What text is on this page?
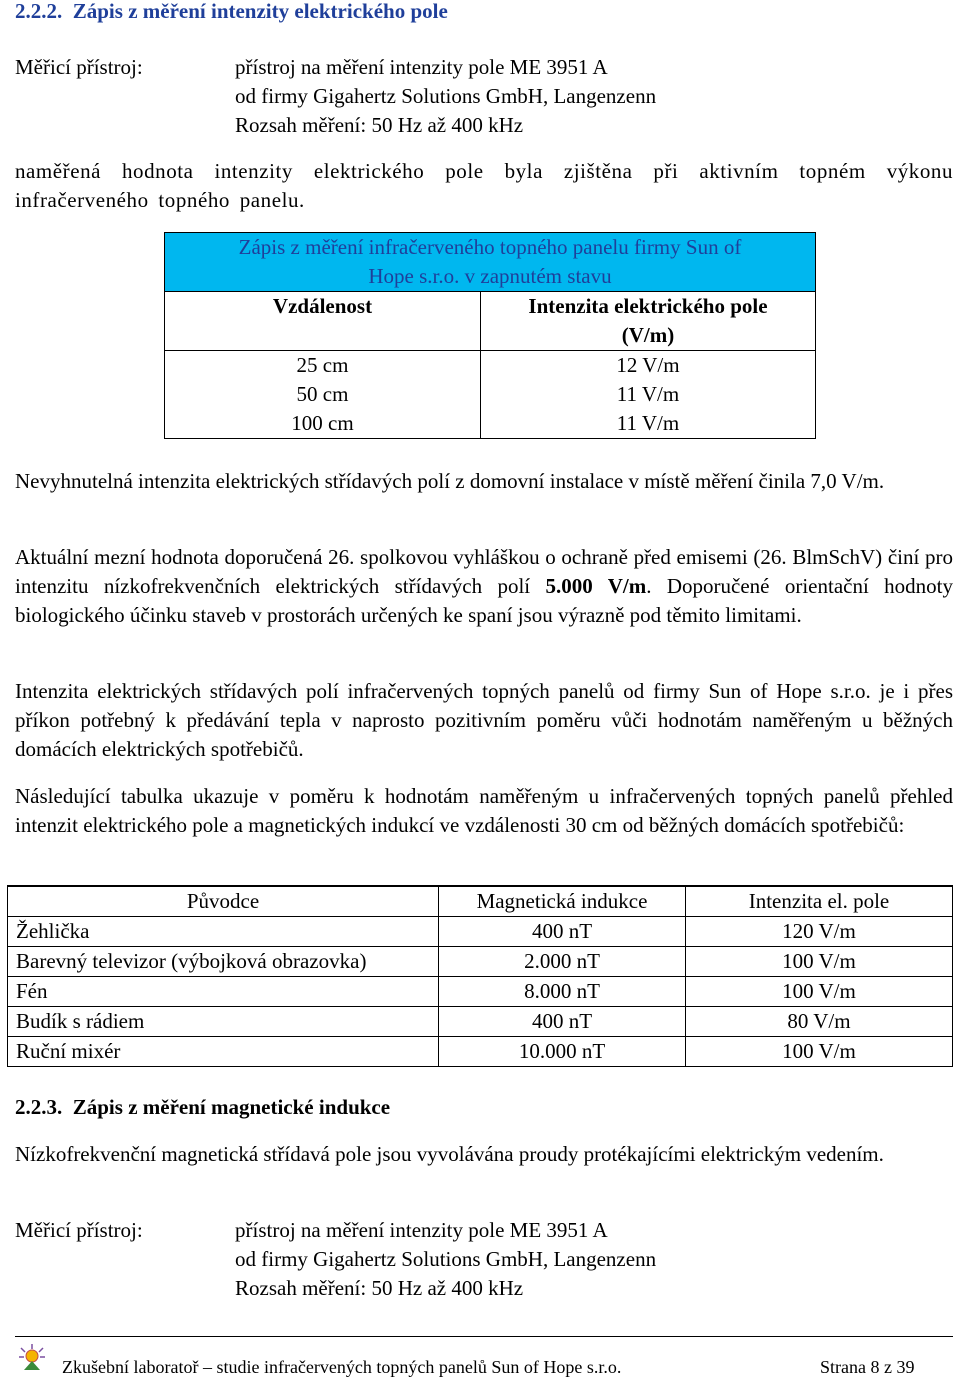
2.2.2. Zápis z měření intenzity elektrického pole
Měřicí přístroj:	přístroj na měření intenzity pole ME 3951 A
od firmy Gigahertz Solutions GmbH, Langenzenn
Rozsah měření: 50 Hz až 400 kHz
naměřená hodnota intenzity elektrického pole byla zjištěna při aktivním topném výkonu infračerveného topného panelu.
Zápis z měření infračerveného topného panelu firmy Sun of
Hope s.r.o. v zapnutém stavu	
Vzdálenost	Intenzita elektrického pole
(V/m)
25 cm	12 V/m
50 cm	11 V/m
100 cm	11 V/m
Nevyhnutelná intenzita elektrických střídavých polí z domovní instalace v místě měření činila 7,0 V/m.
Aktuální mezní hodnota doporučená 26. spolkovou vyhláškou o ochraně před emisemi (26. BlmSchV) činí pro intenzitu nízkofrekvenčních elektrických střídavých polí 5.000 V/m. Doporučené orientační hodnoty biologického účinku staveb v prostorách určených ke spaní jsou výrazně pod těmito limitami.
Intenzita elektrických střídavých polí infračervených topných panelů od firmy Sun of Hope s.r.o. je i přes příkon potřebný k předávání tepla v naprosto pozitivním poměru vůči hodnotám naměřeným u běžných domácích elektrických spotřebičů.
Následující tabulka ukazuje v poměru k hodnotám naměřeným u infračervených topných panelů přehled intenzit elektrického pole a magnetických indukcí ve vzdálenosti 30 cm od běžných domácích spotřebičů:
Původce	Magnetická indukce	Intenzita el. pole
Žehlička	400 nT	120 V/m
Barevný televizor (výbojková obrazovka)	2.000 nT	100 V/m
Fén	8.000 nT	100 V/m
Budík s rádiem	400 nT	80 V/m
Ruční mixér	10.000 nT	100 V/m
2.2.3. Zápis z měření magnetické indukce
Nízkofrekvenční magnetická střídavá pole jsou vyvolávána proudy protékajícími elektrickým vedením.
Měřicí přístroj:	přístroj na měření intenzity pole ME 3951 A
od firmy Gigahertz Solutions GmbH, Langenzenn
Rozsah měření: 50 Hz až 400 kHz
Zkušební laboratoř – studie infračervených topných panelů Sun of Hope s.r.o.	Strana 8 z 39
